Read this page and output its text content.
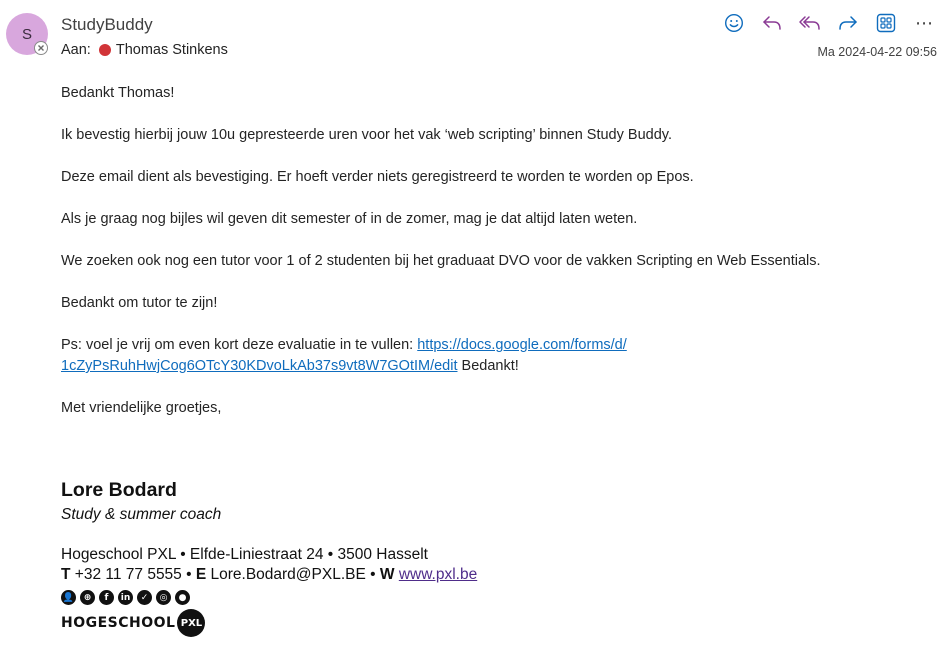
S StudyBuddy
Aan: Thomas Stinkens
⋯
Ma 2024-04-22 09:56

Bedankt Thomas!

Ik bevestig hierbij jouw 10u gepresteerde uren voor het vak ‘web scripting’ binnen Study Buddy.

Deze email dient als bevestiging. Er hoeft verder niets geregistreerd te worden te worden op Epos.

Als je graag nog bijles wil geven dit semester of in de zomer, mag je dat altijd laten weten.

We zoeken ook nog een tutor voor 1 of 2 studenten bij het graduaat DVO voor de vakken Scripting en Web Essentials.

Bedankt om tutor te zijn!

Ps: voel je vrij om even kort deze evaluatie in te vullen: https://docs.google.com/forms/d/
1cZyPsRuhHwjCog6OTcY30KDvoLkAb37s9vt8W7GOtIM/edit Bedankt!

Met vriendelijke groetjes,

Lore Bodard
Study & summer coach
Hogeschool PXL • Elfde-Liniestraat 24 • 3500 Hasselt
T +32 11 77 5555 • E Lore.Bodard@PXL.BE • W www.pxl.be
👤	⊕	f	in	✓	◎	●
HOGESCHOOL PXL
